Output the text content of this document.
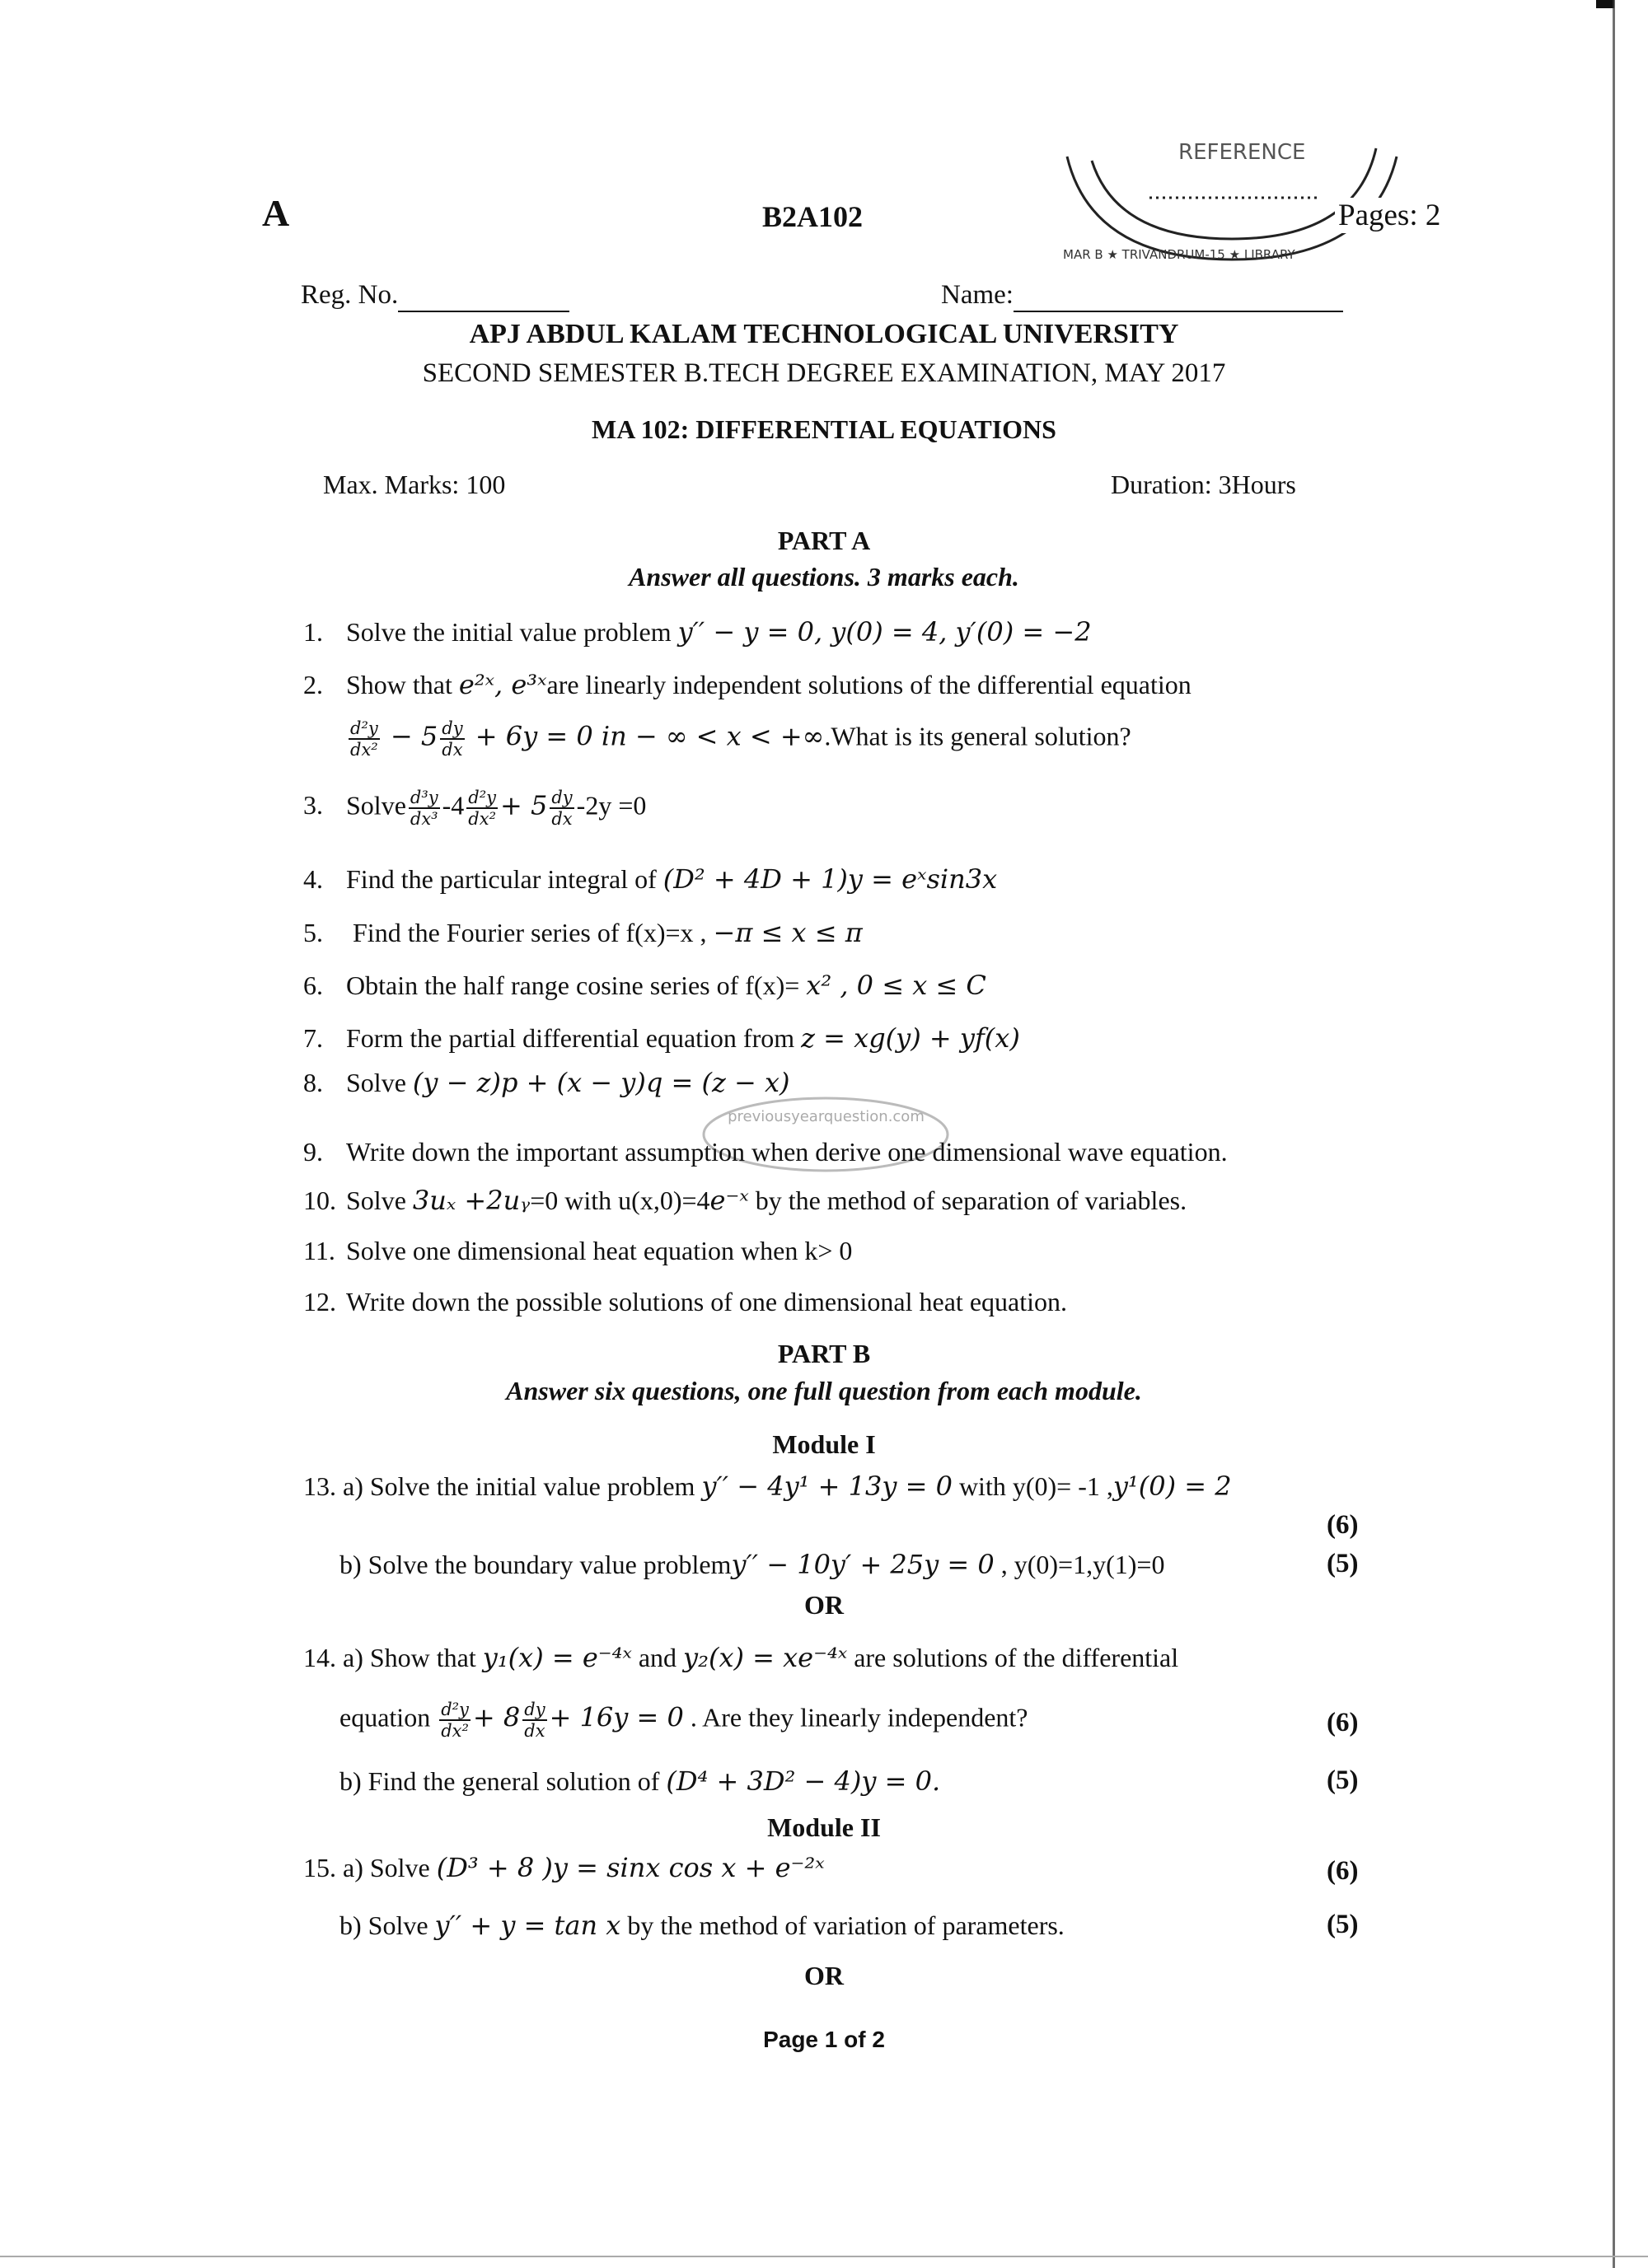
A	B2A102
REFERENCE
MAR B ★ TRIVANDRUM-15 ★ LIBRARY
Pages: 2
Reg. No.	Name:
APJ ABDUL KALAM TECHNOLOGICAL UNIVERSITY
SECOND SEMESTER B.TECH DEGREE EXAMINATION, MAY 2017
MA 102: DIFFERENTIAL EQUATIONS
Max. Marks: 100	Duration: 3Hours
PART A
Answer all questions. 3 marks each.
1. Solve the initial value problem y′′ − y = 0, y(0) = 4, y′(0) = −2
2. Show that e²ˣ, e³ˣare linearly independent solutions of the differential equation
$\frac{\text{d²y}}{\text{dx²}} - 5 \frac{dy}{dx} + 6y = 0$ in − ∞ < x < +∞.What is its general solution?
3. Solve $\frac{\text{d³y}}{\text{dx³}} -4 \frac{\text{d²y}}{\text{dx²}} + 5 \frac{dy}{dx} -2y =0$
4. Find the particular integral of (D² + 4D + 1)y = eˣsin3x
5. Find the Fourier series of f(x)=x , −π ≤ x ≤ π
6. Obtain the half range cosine series of f(x)= x² , 0 ≤ x ≤ C
7. Form the partial differential equation from z = xg(y) + yf(x)
8. Solve (y − z)p + (x − y)q = (z − x)
previousyearquestion.com
9. Write down the important assumption when derive one dimensional wave equation.
10. Solve 3uₓ +2uᵧ=0 with u(x,0)=4e⁻ˣ by the method of separation of variables.
11. Solve one dimensional heat equation when k> 0
12. Write down the possible solutions of one dimensional heat equation.
PART B
Answer six questions, one full question from each module.
Module I
13. a) Solve the initial value problem y′′ − 4y¹ + 13y = 0 with y(0)= -1 ,y¹(0) = 2
(6)
b) Solve the boundary value problemy′′ − 10y′ + 25y = 0 , y(0)=1,y(1)=0	(5)
OR
14. a) Show that y₁(x) = e⁻⁴ˣ and y₂(x) = xe⁻⁴ˣ are solutions of the differential
equation $\frac{\text{d²y}}{\text{dx²}} + 8 \frac{dy}{dx} + 16y = 0$ . Are they linearly independent?	(6)
b) Find the general solution of (D⁴ + 3D² − 4)y = 0.	(5)
Module II
15. a) Solve (D³ + 8 )y = sinx cos x + e⁻²ˣ	(6)
b) Solve y′′ + y = tan x by the method of variation of parameters.	(5)
OR
Page 1 of 2
